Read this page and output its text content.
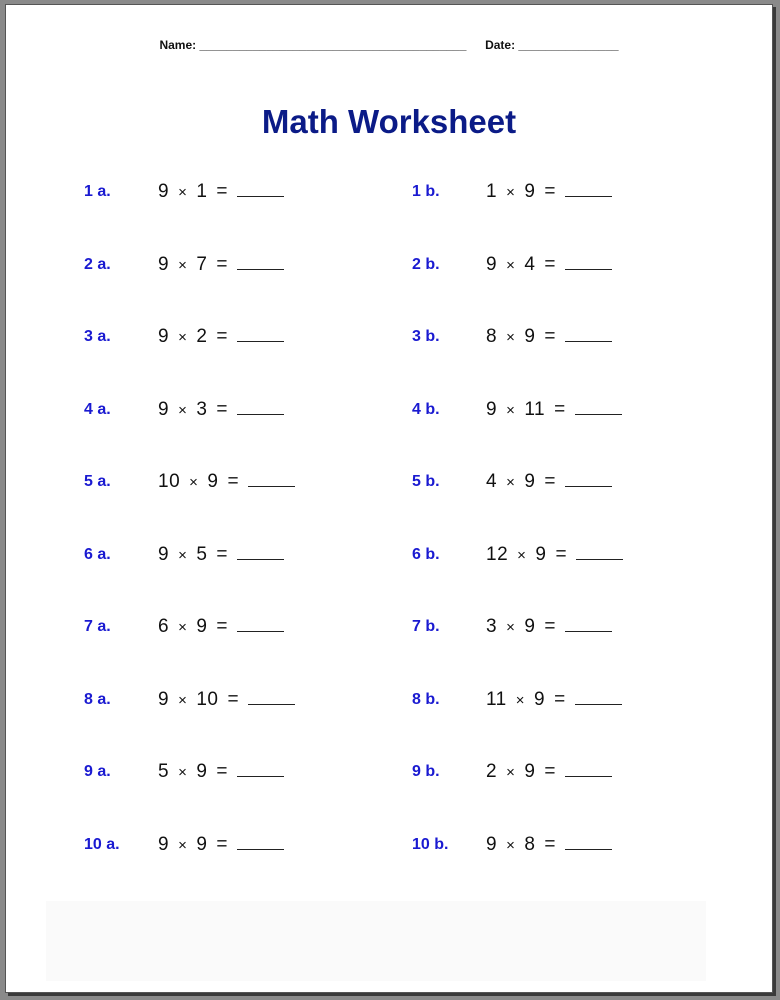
Name: ________________________________________ Date: _______________
Math Worksheet
1 a. 9 × 1 =
2 a. 9 × 7 =
3 a. 9 × 2 =
4 a. 9 × 3 =
5 a. 10 × 9 =
6 a. 9 × 5 =
7 a. 6 × 9 =
8 a. 9 × 10 =
9 a. 5 × 9 =
10 a. 9 × 9 =
1 b. 1 × 9 =
2 b. 9 × 4 =
3 b. 8 × 9 =
4 b. 9 × 11 =
5 b. 4 × 9 =
6 b. 12 × 9 =
7 b. 3 × 9 =
8 b. 11 × 9 =
9 b. 2 × 9 =
10 b. 9 × 8 =
